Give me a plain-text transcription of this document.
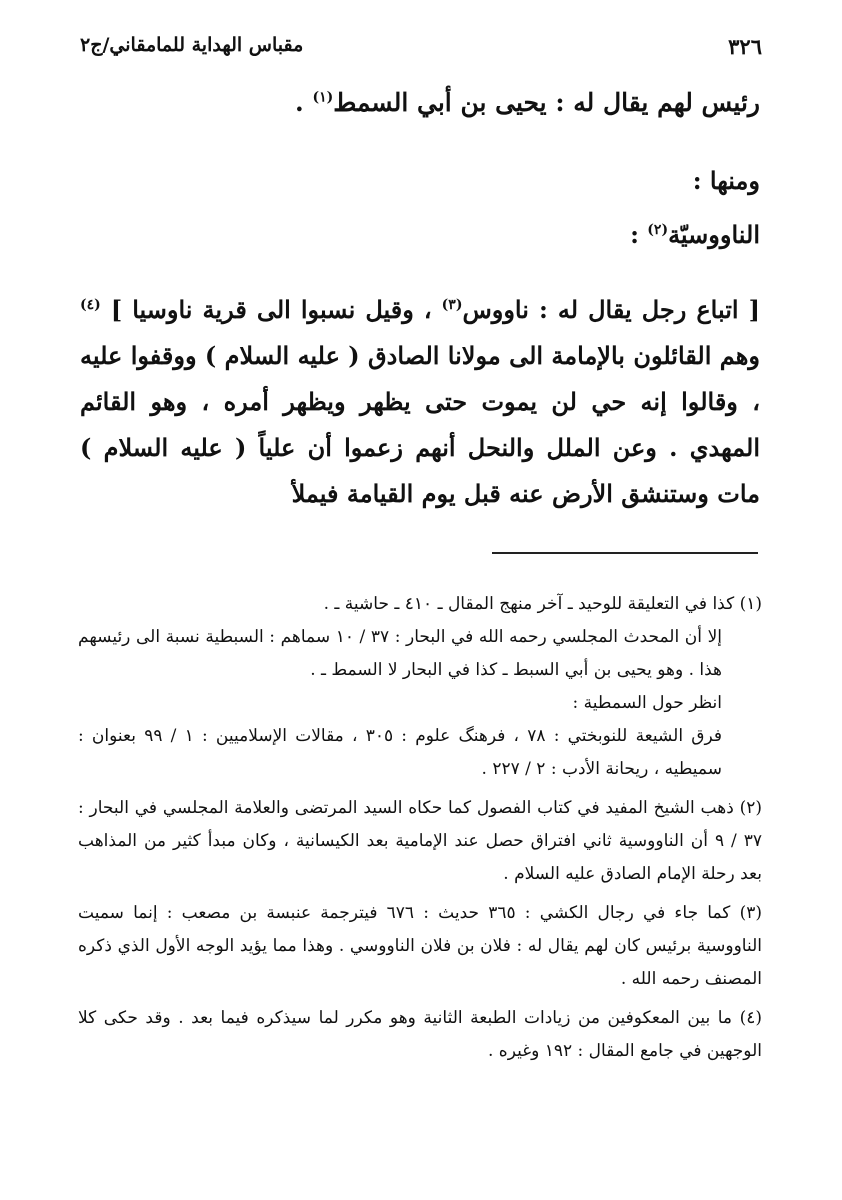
٣٢٦
مقباس الهداية للمامقاني/ج٢
رئيس لهم يقال له : يحيى بن أبي السمط$^{(١)}$ .
ومنها :
الناووسيّة$^{(٢)}$ :
[ اتباع رجل يقال له : ناووس$^{(٣)}$ ، وقيل نسبوا الى قرية ناوسيا ] $^{(٤)}$ وهم القائلون بالإمامة الى مولانا الصادق ( عليه السلام ) ووقفوا عليه ، وقالوا إنه حي لن يموت حتى يظهر ويظهر أمره ، وهو القائم المهدي . وعن الملل والنحل أنهم زعموا أن علياً ( عليه السلام ) مات وستنشق الأرض عنه قبل يوم القيامة فيملأ
(١) كذا في التعليقة للوحيد ـ آخر منهج المقال ـ ٤١٠ ـ حاشية ـ .
إلا أن المحدث المجلسي رحمه الله في البحار : ٣٧ / ١٠ سماهم : السبطية نسبة الى رئيسهم هذا . وهو يحيى بن أبي السبط ـ كذا في البحار لا السمط ـ .
انظر حول السمطية :
فرق الشيعة للنوبختي : ٧٨ ، فرهنگ علوم : ٣٠٥ ، مقالات الإسلاميين : ١ / ٩٩ بعنوان : سميطيه ، ريحانة الأدب : ٢ / ٢٢٧ .
(٢) ذهب الشيخ المفيد في كتاب الفصول كما حكاه السيد المرتضى والعلامة المجلسي في البحار : ٣٧ / ٩ أن الناووسية ثاني افتراق حصل عند الإمامية بعد الكيسانية ، وكان مبدأ كثير من المذاهب بعد رحلة الإمام الصادق عليه السلام .
(٣) كما جاء في رجال الكشي : ٣٦٥ حديث : ٦٧٦ فيترجمة عنبسة بن مصعب : إنما سميت الناووسية برئيس كان لهم يقال له : فلان بن فلان الناووسي . وهذا مما يؤيد الوجه الأول الذي ذكره المصنف رحمه الله .
(٤) ما بين المعكوفين من زيادات الطبعة الثانية وهو مكرر لما سيذكره فيما بعد . وقد حكى كلا الوجهين في جامع المقال : ١٩٢ وغيره .
